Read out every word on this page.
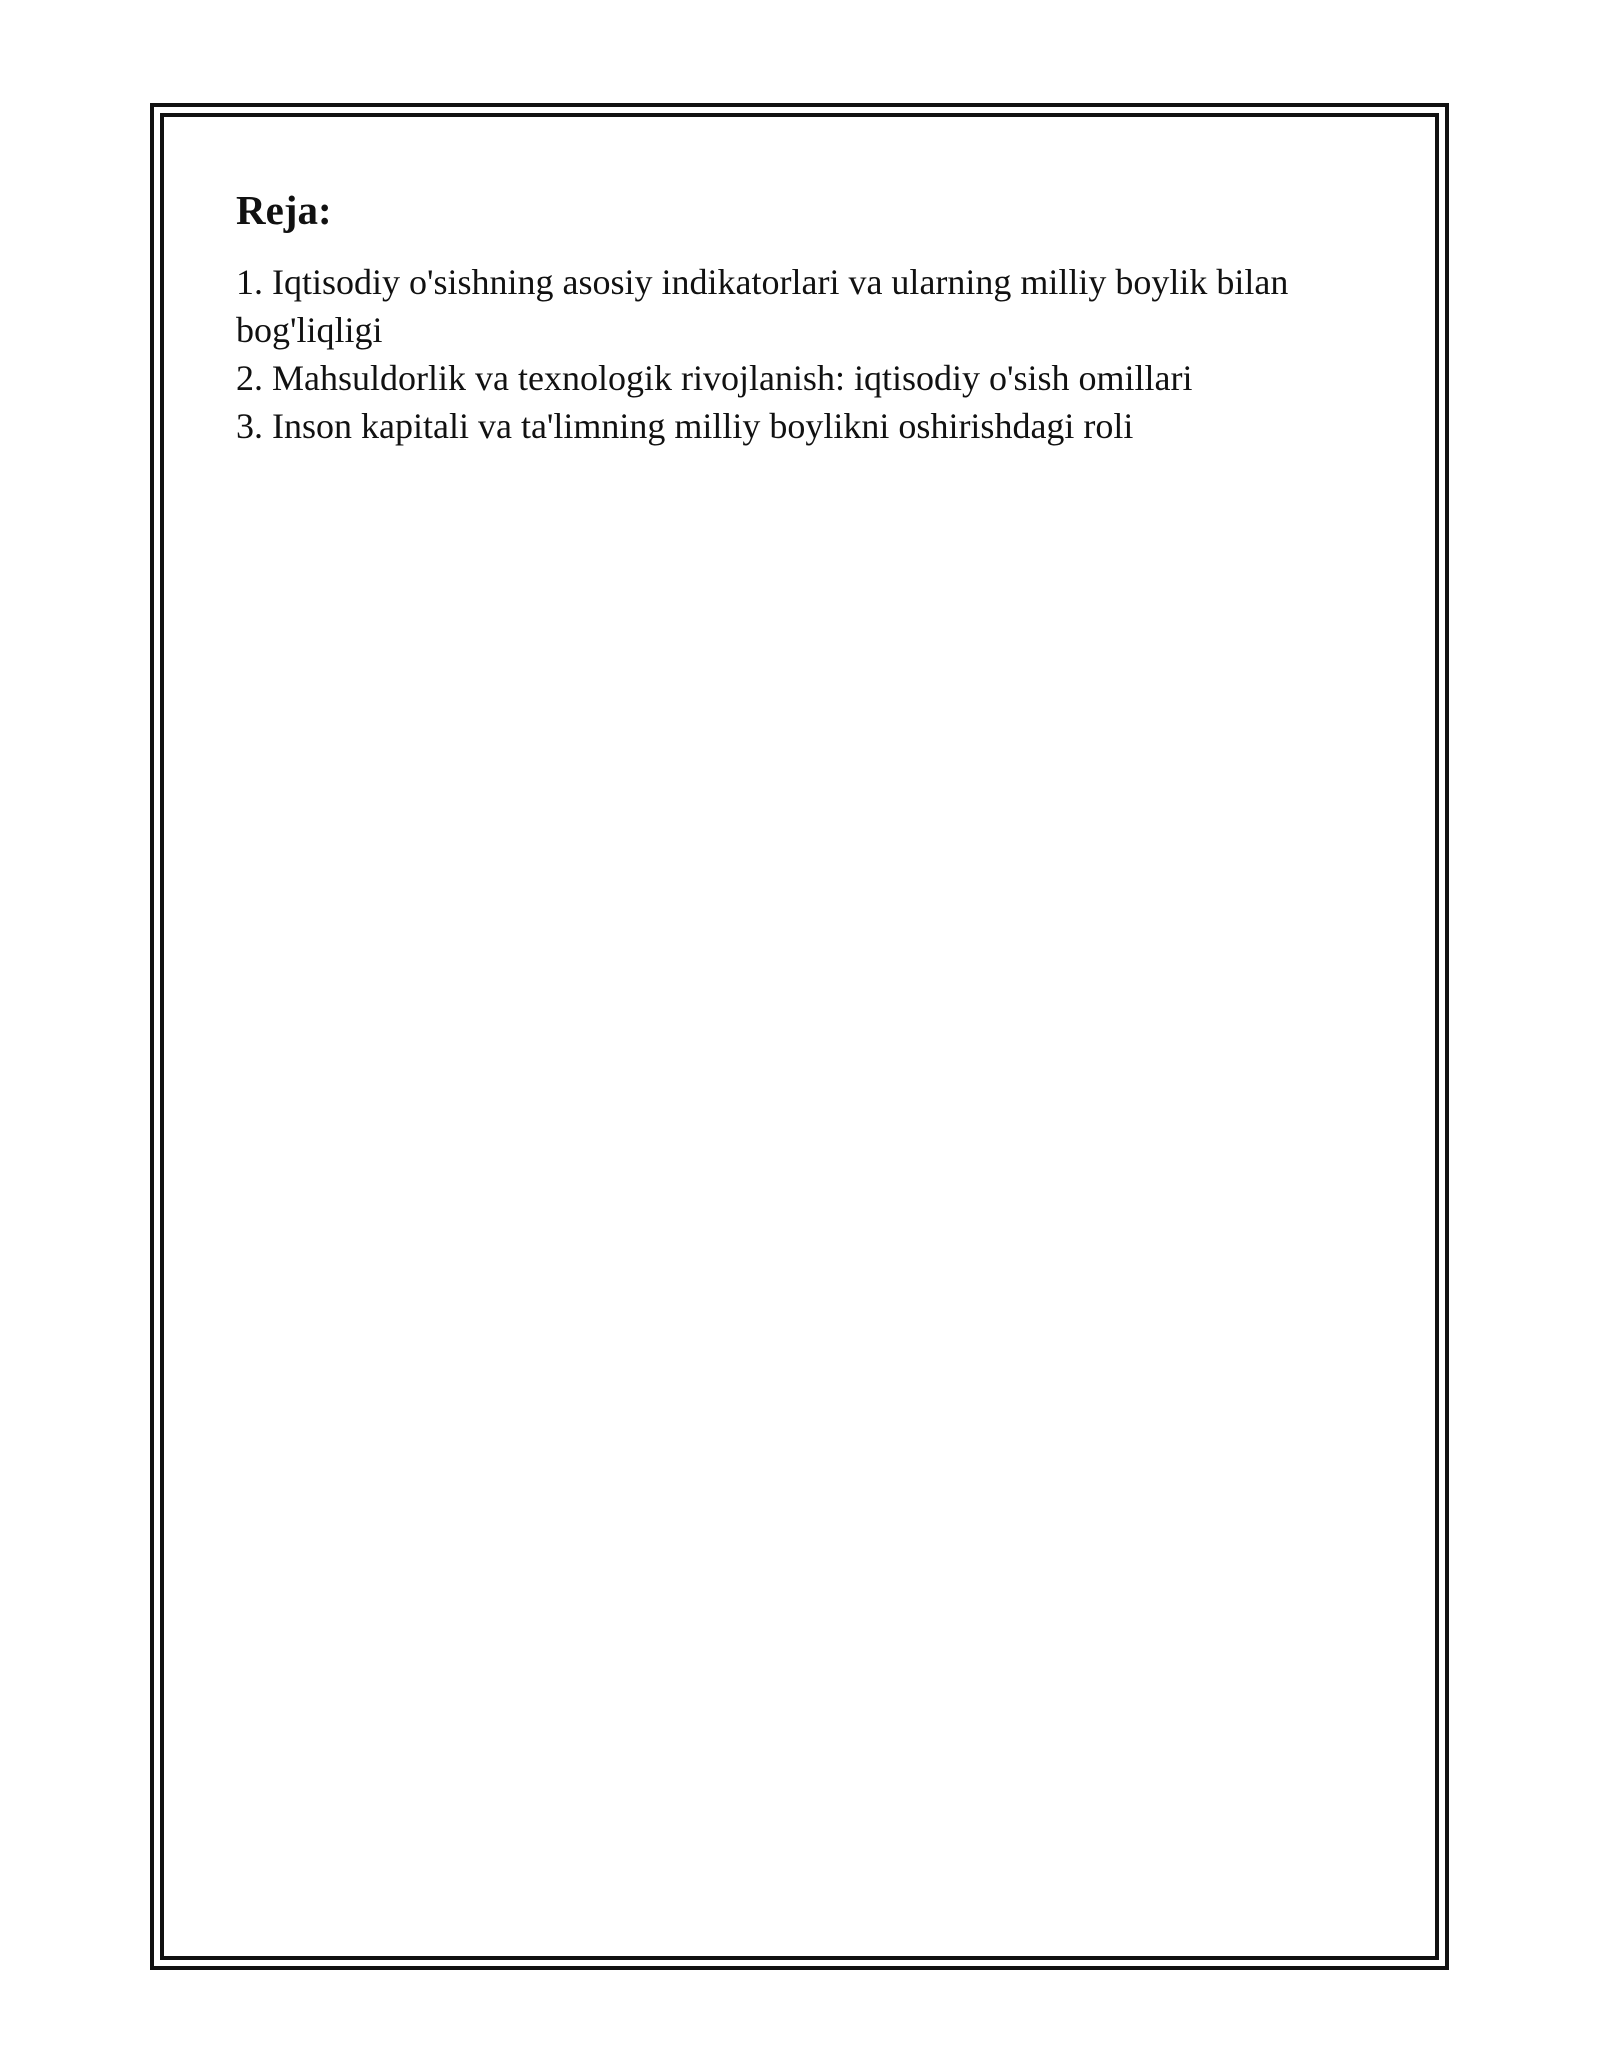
Reja:
1. Iqtisodiy o'sishning asosiy indikatorlari va ularning milliy boylik bilan bog'liqligi
2. Mahsuldorlik va texnologik rivojlanish: iqtisodiy o'sish omillari
3. Inson kapitali va ta'limning milliy boylikni oshirishdagi roli
